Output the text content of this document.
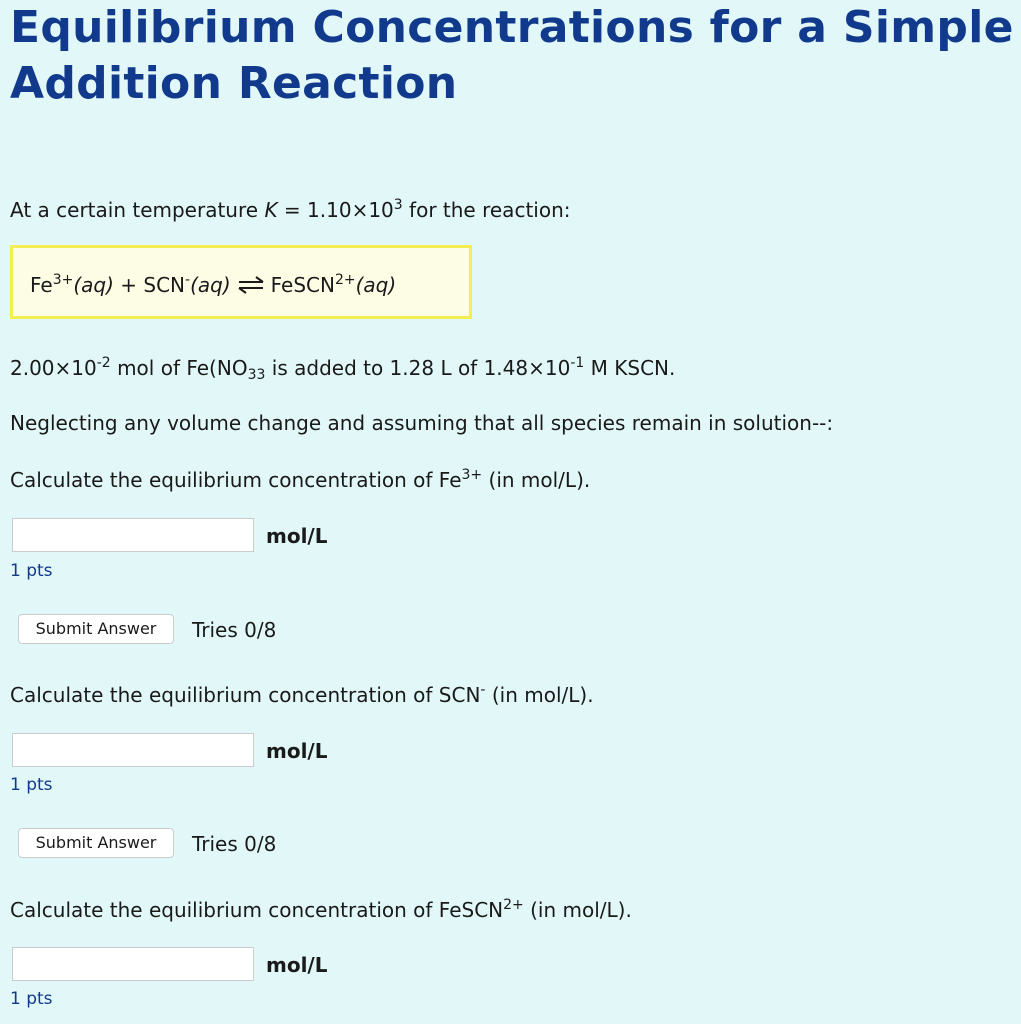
Equilibrium Concentrations for a Simple Addition Reaction
At a certain temperature $K = 1.10\times 10^3$ for the reaction:
$Fe^{3+}(aq) + SCN^-(aq)$ ⇌ FeSCN$^{2+}$(aq)
$2.00\times 10^{-2}$ mol of $Fe(NO_{33}$ is added to 1.28 L of $1.48\times 10^{-1}$ M KSCN.
Neglecting any volume change and assuming that all species remain in solution--:
Calculate the equilibrium concentration of $Fe^{3+}$ (in mol/L).
mol/L
1 pts
Submit Answer	Tries 0/8
Calculate the equilibrium concentration of SCN- (in mol/L).
mol/L
1 pts
Submit Answer	Tries 0/8
Calculate the equilibrium concentration of FeSCN$^{2+}$ (in mol/L).
mol/L
1 pts
